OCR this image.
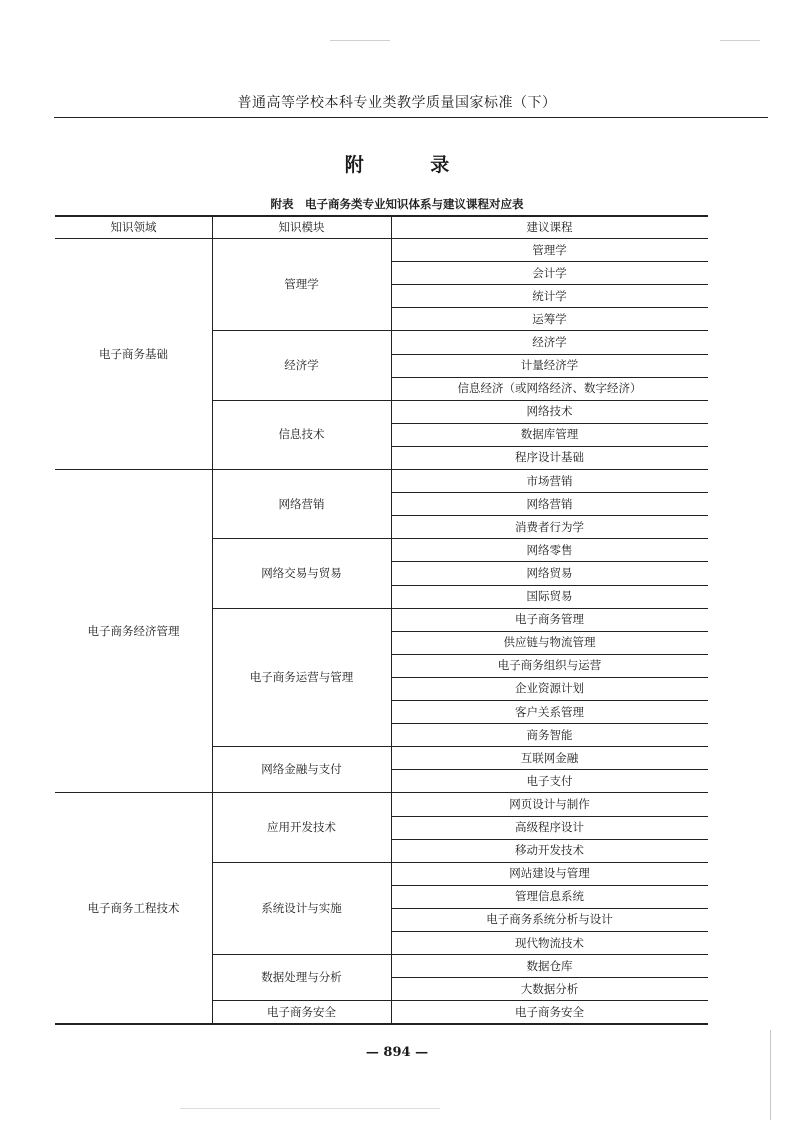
普通高等学校本科专业类教学质量国家标准（下）
附 录
附表　电子商务类专业知识体系与建议课程对应表
知识领域	知识模块	建议课程
管理学
会计学
统计学
运筹学
管理学
经济学
计量经济学
信息经济（或网络经济、数字经济）
经济学
网络技术
数据库管理
程序设计基础
信息技术
电子商务基础
市场营销
网络营销
消费者行为学
网络营销
网络零售
网络贸易
国际贸易
网络交易与贸易
电子商务管理
供应链与物流管理
电子商务组织与运营
企业资源计划
客户关系管理
商务智能
电子商务运营与管理
互联网金融
电子支付
网络金融与支付
电子商务经济管理
网页设计与制作
高级程序设计
移动开发技术
应用开发技术
网站建设与管理
管理信息系统
电子商务系统分析与设计
现代物流技术
系统设计与实施
数据仓库
大数据分析
数据处理与分析
电子商务安全
电子商务安全
电子商务工程技术
— 894 —
